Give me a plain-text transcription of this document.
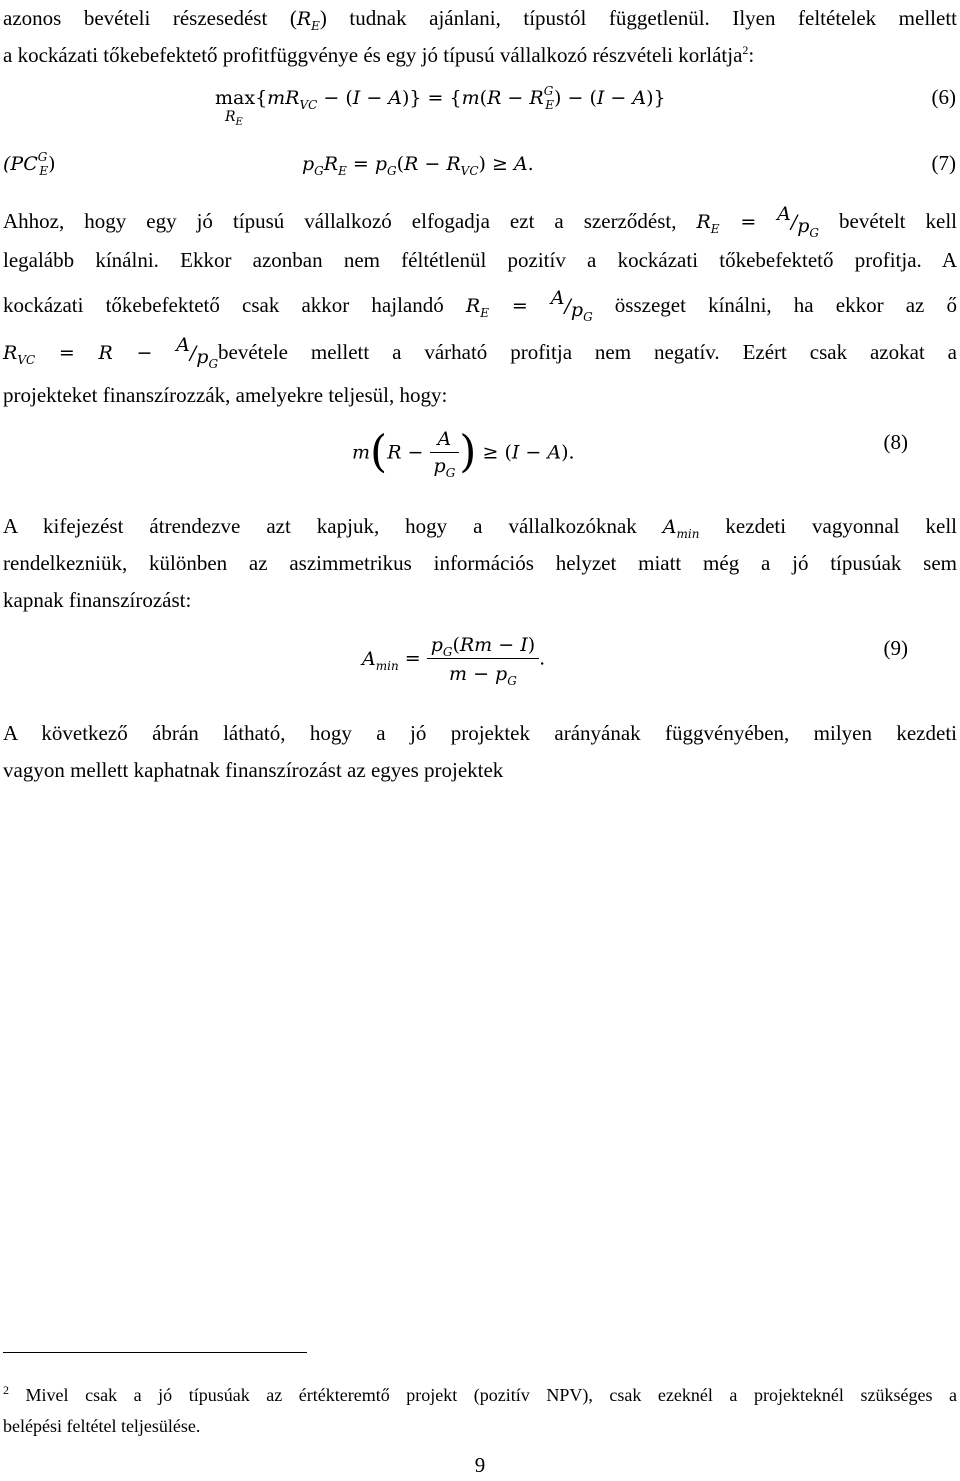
azonos bevételi részesedést $(R_E)$ tudnak ajánlani, típustól függetlenül. Ilyen feltételek mellett
a kockázati tőkebefektető profitfüggvénye és egy jó típusú vállalkozó részvételi korlátja$^2$:
max
$R_E$
$\{mR_{VC} - (I - A)\} = \{m(R - R^G_E) - (I - A)\}$	(6)
$(PC^G_E)$	$p_GR_E = p_G(R - R_{VC}) \ge A$.	(7)
Ahhoz, hogy egy jó típusú vállalkozó elfogadja ezt a szerződést, $R_E = A/p_G$ bevételt kell
legalább kínálni. Ekkor azonban nem féltétlenül pozitív a kockázati tőkebefektető profitja. A
kockázati tőkebefektető csak akkor hajlandó $R_E = A/p_G$ összeget kínálni, ha ekkor az ő
$R_{VC} = R$ − $A/p_Gbevétele$ mellett a várható profitja nem negatív. Ezért csak azokat a
projekteket finanszírozzák, amelyekre teljesül, hogy:
$m(R - \frac{A}{p_G}$ ) ≥ (I − A).	(8)
A kifejezést átrendezve azt kapjuk, hogy a vállalkozóknak $A_{min}$ kezdeti vagyonnal kell
rendelkezniük, különben az aszimmetrikus információs helyzet miatt még a jó típusúak sem
kapnak finanszírozást:
$A_{min} = \frac{p_G(Rm - I)}{m - p_G}$ .	(9)
A következő ábrán látható, hogy a jó projektek arányának függvényében, milyen kezdeti
vagyon mellett kaphatnak finanszírozást az egyes projektek
$^2$ Mivel csak a jó típusúak az értékteremtő projekt (pozitív NPV), csak ezeknél a projekteknél szükséges a
belépési feltétel teljesülése.
9
